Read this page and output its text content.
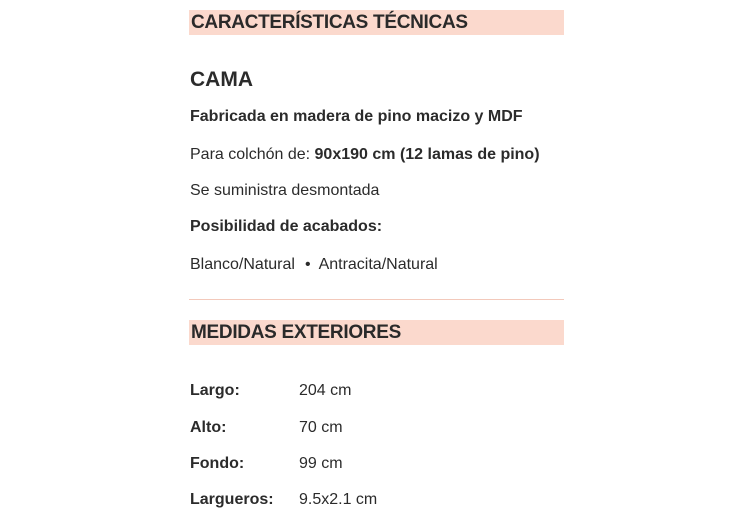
CARACTERÍSTICAS TÉCNICAS
CAMA
Fabricada en madera de pino macizo y MDF
Para colchón de: 90x190 cm (12 lamas de pino)
Se suministra desmontada
Posibilidad de acabados:
Blanco/Natural • Antracita/Natural
MEDIDAS EXTERIORES
Largo:	204 cm
Alto:	70 cm
Fondo:	99 cm
Largueros: 9.5x2.1 cm
